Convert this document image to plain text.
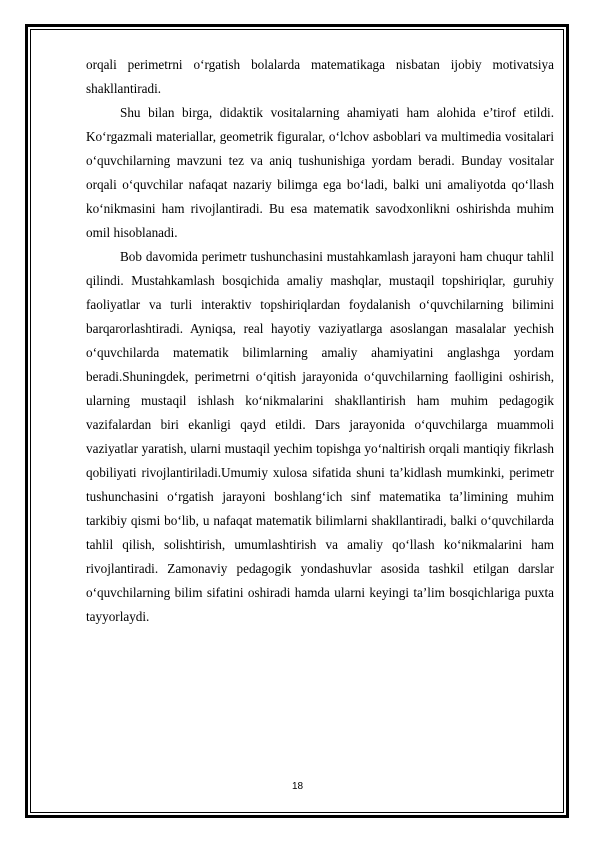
orqali perimetrni o‘rgatish bolalarda matematikaga nisbatan ijobiy motivatsiya shakllantiradi.

Shu bilan birga, didaktik vositalarning ahamiyati ham alohida e’tirof etildi. Ko‘rgazmali materiallar, geometrik figuralar, o‘lchov asboblari va multimedia vositalari o‘quvchilarning mavzuni tez va aniq tushunishiga yordam beradi. Bunday vositalar orqali o‘quvchilar nafaqat nazariy bilimga ega bo‘ladi, balki uni amaliyotda qo‘llash ko‘nikmasini ham rivojlantiradi. Bu esa matematik savodxonlikni oshirishda muhim omil hisoblanadi.

Bob davomida perimetr tushunchasini mustahkamlash jarayoni ham chuqur tahlil qilindi. Mustahkamlash bosqichida amaliy mashqlar, mustaqil topshiriqlar, guruhiy faoliyatlar va turli interaktiv topshiriqlardan foydalanish o‘quvchilarning bilimini barqarorlashtiradi. Ayniqsa, real hayotiy vaziyatlarga asoslangan masalalar yechish o‘quvchilarda matematik bilimlarning amaliy ahamiyatini anglashga yordam beradi.Shuningdek, perimetrni o‘qitish jarayonida o‘quvchilarning faolligini oshirish, ularning mustaqil ishlash ko‘nikmalarini shakllantirish ham muhim pedagogik vazifalardan biri ekanligi qayd etildi. Dars jarayonida o‘quvchilarga muammoli vaziyatlar yaratish, ularni mustaqil yechim topishga yo‘naltirish orqali mantiqiy fikrlash qobiliyati rivojlantiriladi.Umumiy xulosa sifatida shuni ta’kidlash mumkinki, perimetr tushunchasini o‘rgatish jarayoni boshlang‘ich sinf matematika ta’limining muhim tarkibiy qismi bo‘lib, u nafaqat matematik bilimlarni shakllantiradi, balki o‘quvchilarda tahlil qilish, solishtirish, umumlashtirish va amaliy qo‘llash ko‘nikmalarini ham rivojlantiradi. Zamonaviy pedagogik yondashuvlar asosida tashkil etilgan darslar o‘quvchilarning bilim sifatini oshiradi hamda ularni keyingi ta’lim bosqichlariga puxta tayyorlaydi.

18
